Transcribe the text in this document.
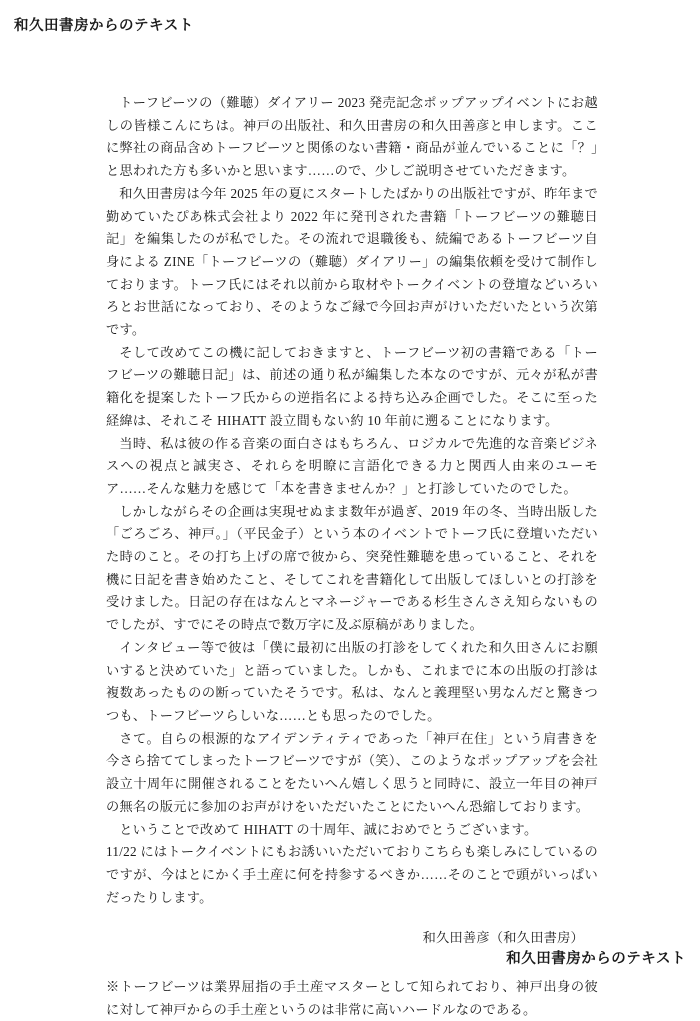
和久田書房からのテキスト

トーフビーツの（難聴）ダイアリー 2023 発売記念ポップアップイベントにお越しの皆様こんにちは。神戸の出版社、和久田書房の和久田善彦と申します。ここに弊社の商品含めトーフビーツと関係のない書籍・商品が並んでいることに「？」と思われた方も多いかと思います……ので、少しご説明させていただきます。

和久田書房は今年 2025 年の夏にスタートしたばかりの出版社ですが、昨年まで勤めていたぴあ株式会社より 2022 年に発刊された書籍「トーフビーツの難聴日記」を編集したのが私でした。その流れで退職後も、続編であるトーフビーツ自身による ZINE「トーフビーツの（難聴）ダイアリー」の編集依頼を受けて制作しております。トーフ氏にはそれ以前から取材やトークイベントの登壇などいろいろとお世話になっており、そのようなご縁で今回お声がけいただいたという次第です。

そして改めてこの機に記しておきますと、トーフビーツ初の書籍である「トーフビーツの難聴日記」は、前述の通り私が編集した本なのですが、元々が私が書籍化を提案したトーフ氏からの逆指名による持ち込み企画でした。そこに至った経緯は、それこそ HIHATT 設立間もない約 10 年前に遡ることになります。

当時、私は彼の作る音楽の面白さはもちろん、ロジカルで先進的な音楽ビジネスへの視点と誠実さ、それらを明瞭に言語化できる力と関西人由来のユーモア……そんな魅力を感じて「本を書きませんか？」と打診していたのでした。

しかしながらその企画は実現せぬまま数年が過ぎ、2019 年の冬、当時出版した「ごろごろ、神戸。」（平民金子）という本のイベントでトーフ氏に登壇いただいた時のこと。その打ち上げの席で彼から、突発性難聴を患っていること、それを機に日記を書き始めたこと、そしてこれを書籍化して出版してほしいとの打診を受けました。日記の存在はなんとマネージャーである杉生さんさえ知らないものでしたが、すでにその時点で数万字に及ぶ原稿がありました。

インタビュー等で彼は「僕に最初に出版の打診をしてくれた和久田さんにお願いすると決めていた」と語っていました。しかも、これまでに本の出版の打診は複数あったものの断っていたそうです。私は、なんと義理堅い男なんだと驚きつつも、トーフビーツらしいな……とも思ったのでした。

さて。自らの根源的なアイデンティティであった「神戸在住」という肩書きを今さら捨ててしまったトーフビーツですが（笑）、このようなポップアップを会社設立十周年に開催されることをたいへん嬉しく思うと同時に、設立一年目の神戸の無名の版元に参加のお声がけをいただいたことにたいへん恐縮しております。

ということで改めて HIHATT の十周年、誠におめでとうございます。

11/22 にはトークイベントにもお誘いいただいておりこちらも楽しみにしているのですが、今はとにかく手土産に何を持参するべきか……そのことで頭がいっぱいだったりします。

和久田善彦（和久田書房）

※トーフビーツは業界屈指の手土産マスターとして知られており、神戸出身の彼に対して神戸からの手土産というのは非常に高いハードルなのである。

和久田書房からのテキスト
